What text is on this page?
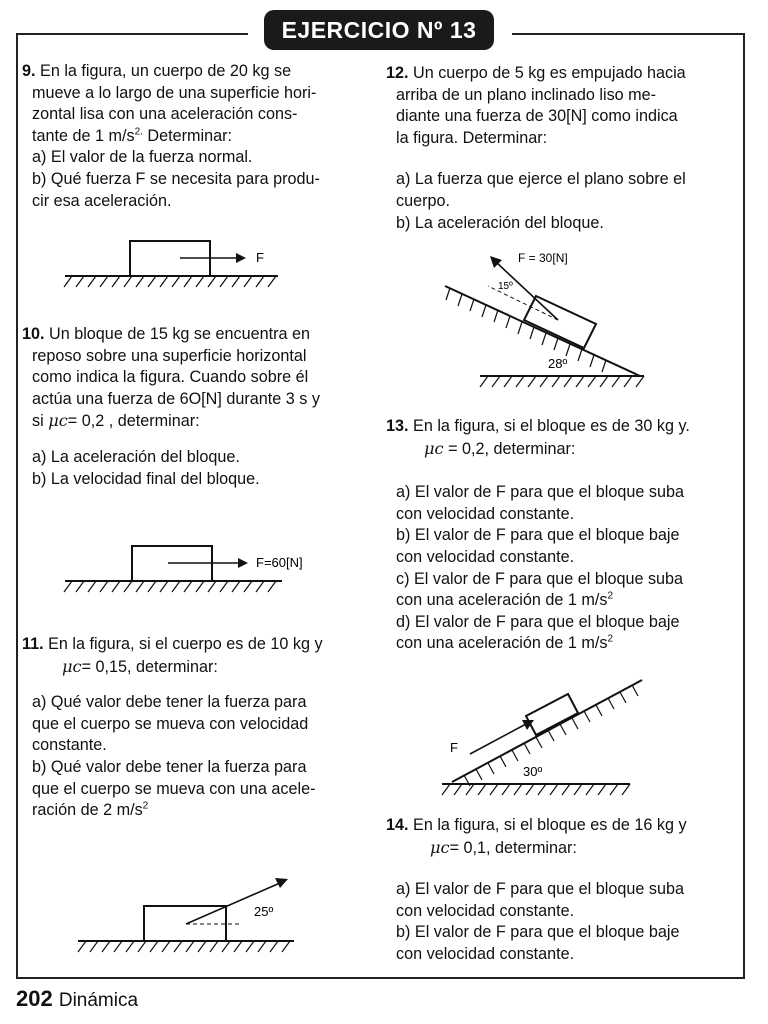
EJERCICIO Nº 13

9. En la figura, un cuerpo de 20 kg se

mueve a lo largo de una superficie hori-

zontal lisa con una aceleración cons-

tante de 1 $m/s^{2.}$ Determinar:

a) El valor de la fuerza normal.

b) Qué fuerza F se necesita para produ-

cir esa aceleración.

F

10. Un bloque de 15 kg se encuentra en

reposo sobre una superficie horizontal

como indica la figura. Cuando sobre él

actúa una fuerza de 6O[N] durante 3 s y

si μc= 0,2 , determinar:

a) La aceleración del bloque.

b) La velocidad final del bloque.

F=60[N]

11. En la figura, si el cuerpo es de 10 kg y

μc= 0,15, determinar:

a) Qué valor debe tener la fuerza para

que el cuerpo se mueva con velocidad

constante.

b) Qué valor debe tener la fuerza para

que el cuerpo se mueva con una acele-

ración de 2 $m/s^2$

25º

12. Un cuerpo de 5 kg es empujado hacia

arriba de un plano inclinado liso me-

diante una fuerza de 30[N] como indica

la figura. Determinar:

a) La fuerza que ejerce el plano sobre el

cuerpo.

b) La aceleración del bloque.

F = 30[N]
15º
28º

13. En la figura, si el bloque es de 30 kg y.

μc = 0,2, determinar:

a) El valor de F para que el bloque suba

con velocidad constante.

b) El valor de F para que el bloque baje

con velocidad constante.

c) El valor de F para que el bloque suba

con una aceleración de 1 $m/s^2$

d) El valor de F para que el bloque baje

con una aceleración de 1 $m/s^2$

F
30º

14. En la figura, si el bloque es de 16 kg y

μc= 0,1, determinar:

a) El valor de F para que el bloque suba

con velocidad constante.

b) El valor de F para que el bloque baje

con velocidad constante.

202 Dinámica
